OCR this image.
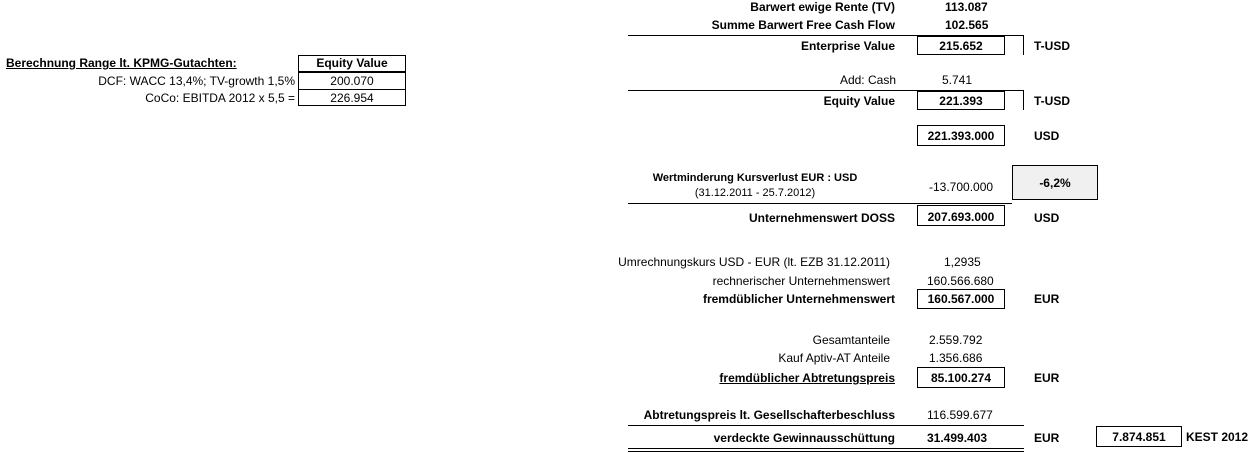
Berechnung Range lt. KPMG-Gutachten:	Equity Value
DCF: WACC 13,4%; TV-growth 1,5%	200.070
CoCo: EBITDA 2012 x 5,5 =	226.954
Barwert ewige Rente (TV)	113.087
Summe Barwert Free Cash Flow	102.565
Enterprise Value	215.652	T-USD
Add: Cash	5.741
Equity Value	221.393	T-USD
221.393.000	USD
Wertminderung Kursverlust EUR : USD
(31.12.2011 - 25.7.2012)	-13.700.000	-6,2%
Unternehmenswert DOSS	207.693.000	USD
Umrechnungskurs USD - EUR (lt. EZB 31.12.2011)	1,2935
rechnerischer Unternehmenswert	160.566.680
fremdüblicher Unternehmenswert	160.567.000	EUR
Gesamtanteile	2.559.792
Kauf Aptiv-AT Anteile	1.356.686
fremdüblicher Abtretungspreis	85.100.274	EUR
Abtretungspreis lt. Gesellschafterbeschluss	116.599.677
verdeckte Gewinnausschüttung	31.499.403	EUR	7.874.851	KEST 2012
